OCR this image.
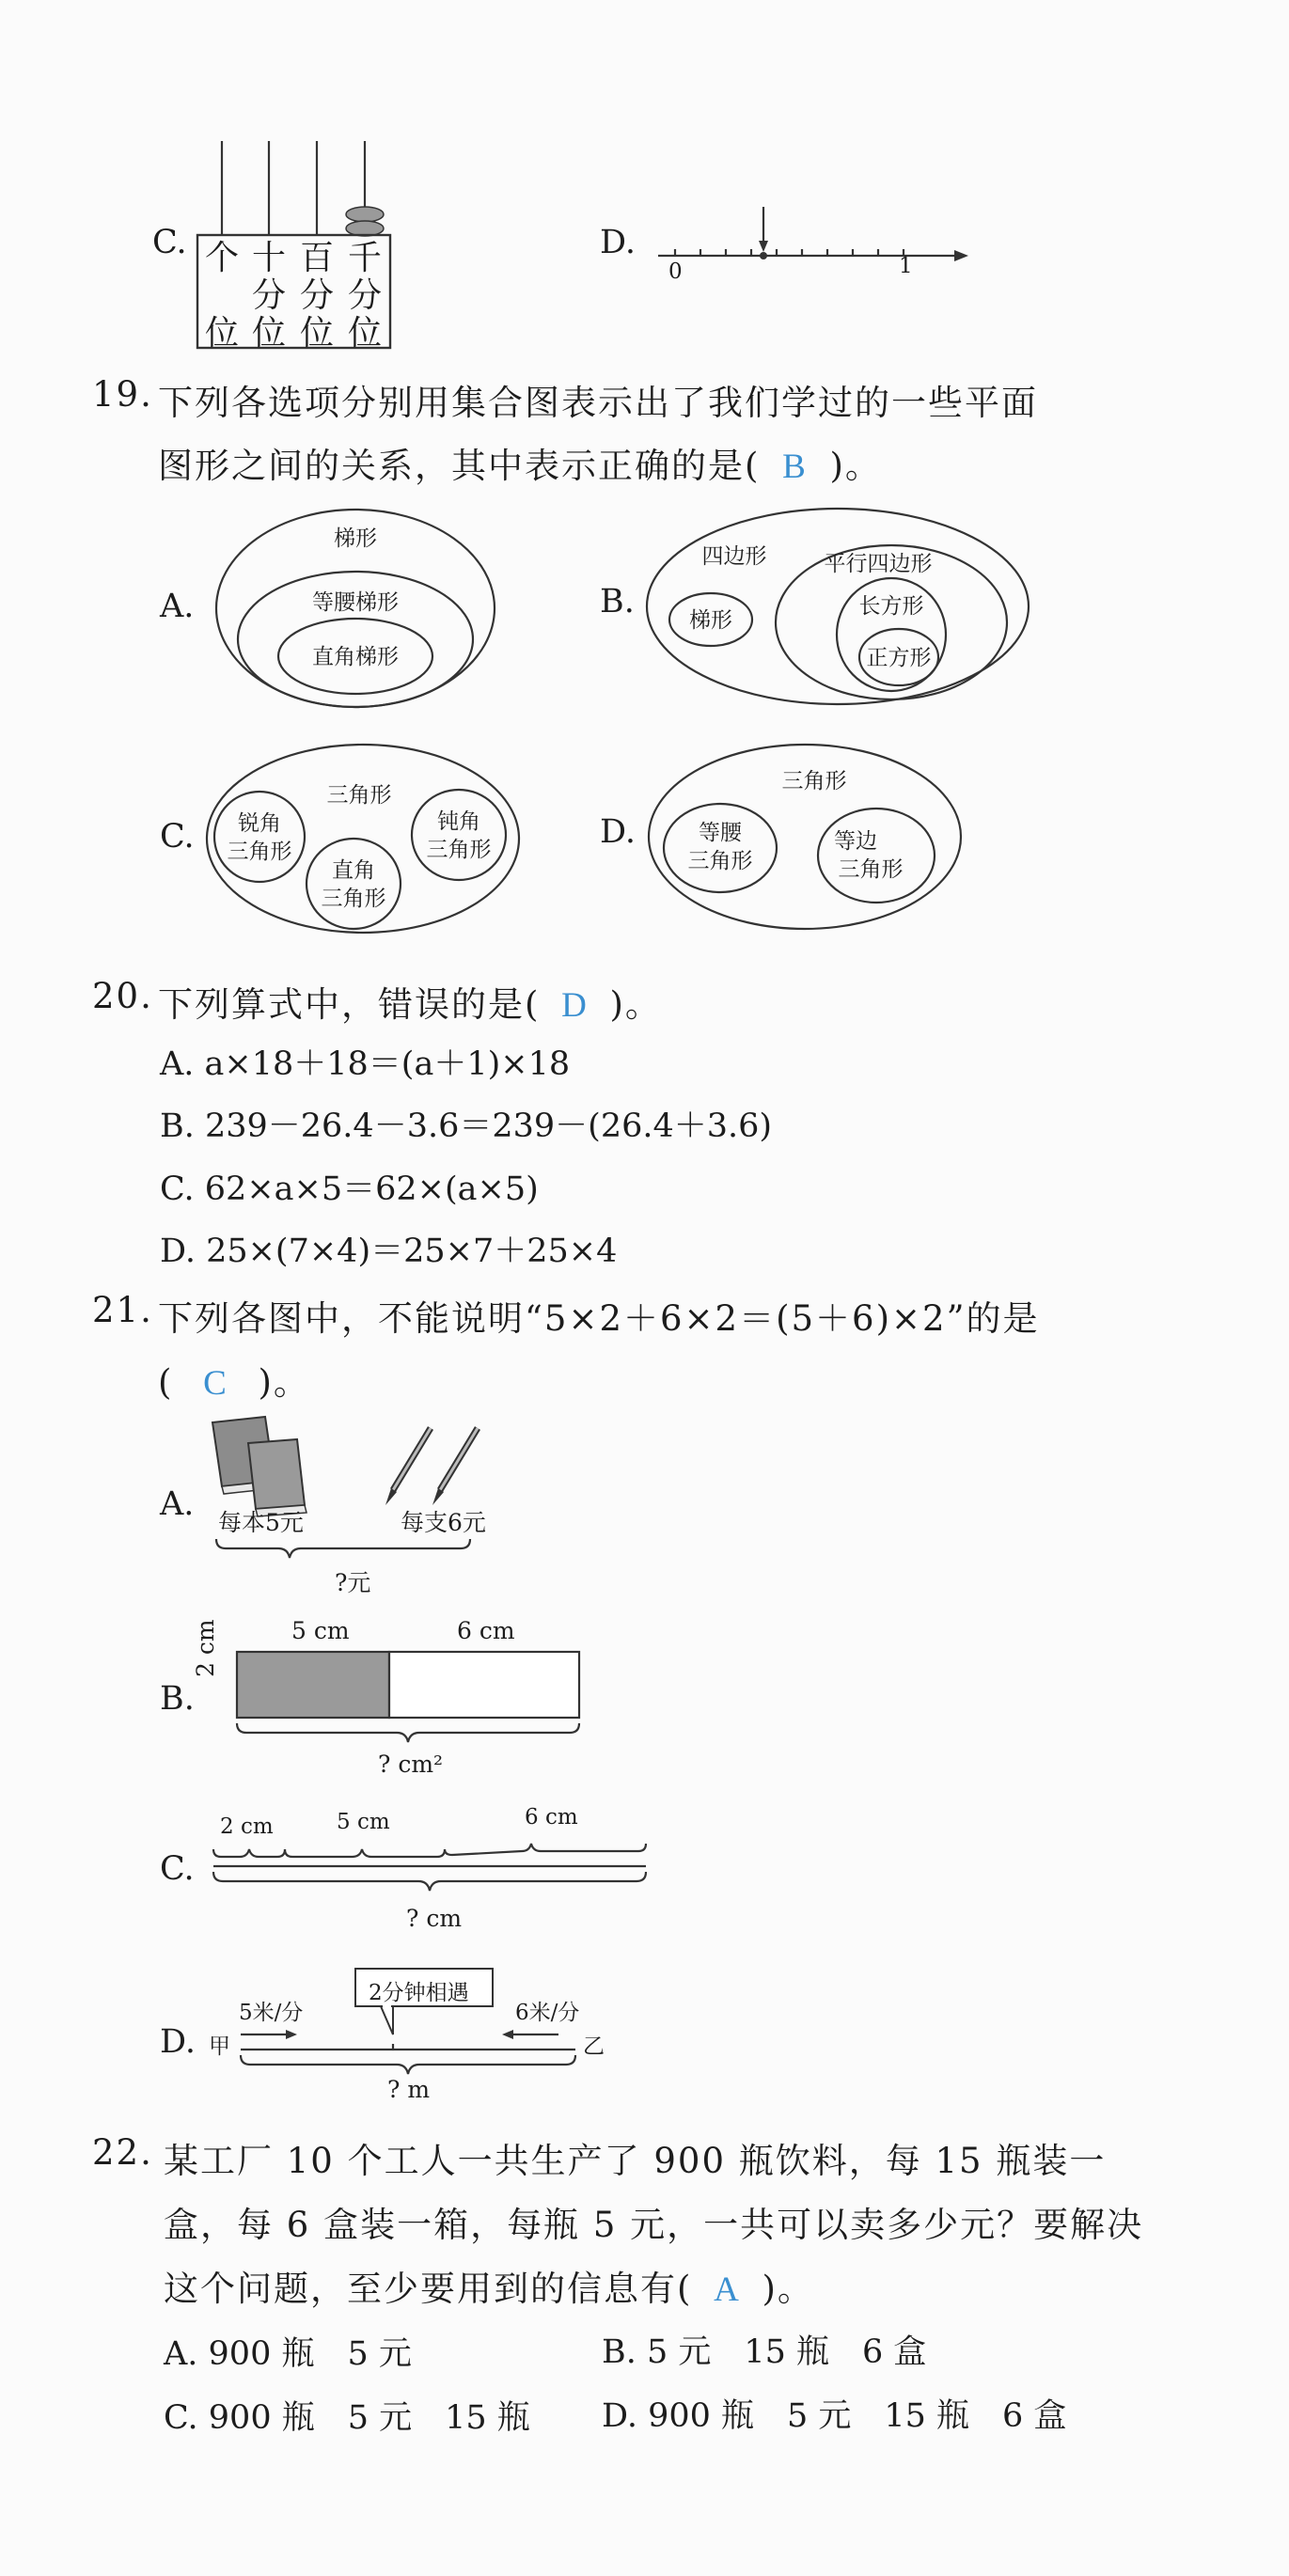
C. 个

位
十
分
位
百
分
位
千
分
位
D.
0	1
19. 下列各选项分别用集合图表示出了我们学过的一些平面
图形之间的关系，其中表示正确的是( B )。
A.
梯形
等腰梯形
直角梯形
B.
四边形
梯形
平行四边形
长方形
正方形
C.
三角形
锐角
三角形
直角
三角形
钝角
三角形	D.
三角形
等腰
三角形
等边
三角形
20. 下列算式中，错误的是( D )。
A. a×18＋18＝(a＋1)×18
B. 239－26.4－3.6＝239－(26.4＋3.6)
C. 62×a×5＝62×(a×5)
D. 25×(7×4)＝25×7＋25×4
21. 下列各图中，不能说明“5×2＋6×2＝(5＋6)×2”的是
( C )。
A. 每本5元	每支6元
?元
B.
5 cm	6 cm
2 cm
? cm²
C.
2 cm	5 cm	6 cm
? cm
D. 甲	乙
5米/分	6米/分
2分钟相遇
? m
22. 某工厂 10 个工人一共生产了 900 瓶饮料，每 15 瓶装一
盒，每 6 盒装一箱，每瓶 5 元，一共可以卖多少元？要解决
这个问题，至少要用到的信息有( A )。
A. 900 瓶　5 元	B. 5 元　15 瓶　6 盒
C. 900 瓶　5 元　15 瓶 D. 900 瓶　5 元　15 瓶　6 盒
